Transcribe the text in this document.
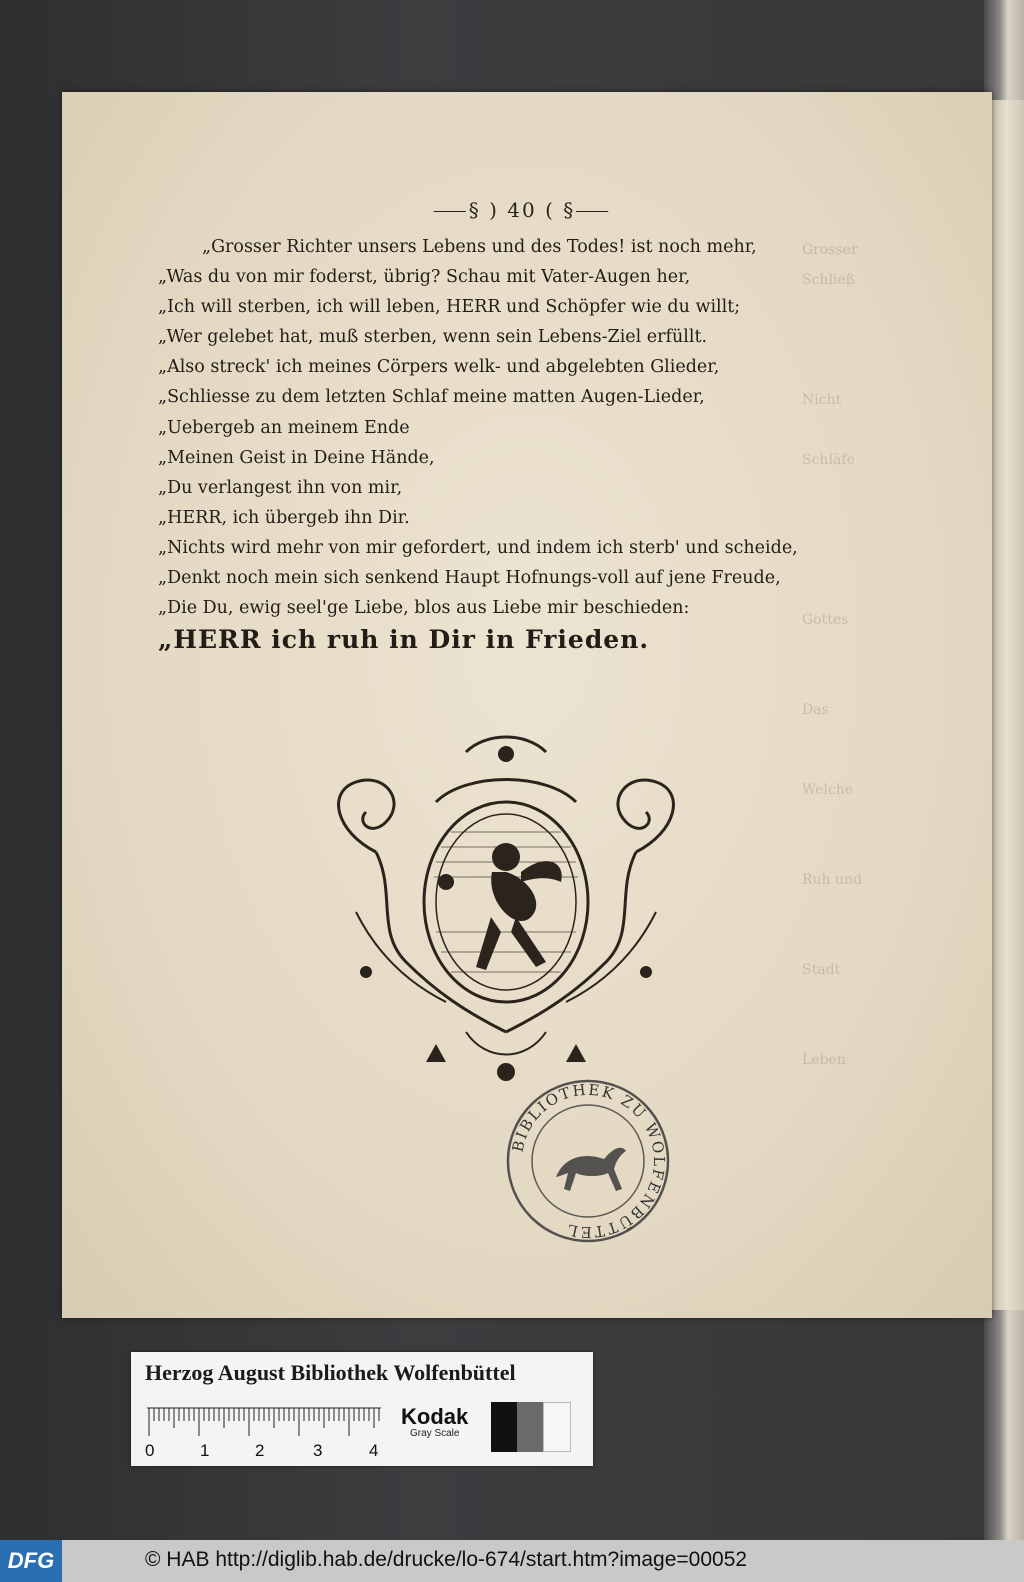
Grosser
Schließ
Nicht
Schläfe
Gottes
Das
Welche
Ruh und
Stadt
Leben
⸺§ ) 40 ( §⸺
„Grosser Richter unsers Lebens und des Todes! ist noch mehr,
„Was du von mir foderst, übrig? Schau mit Vater-Augen her,
„Ich will sterben, ich will leben, HERR und Schöpfer wie du willt;
„Wer gelebet hat, muß sterben, wenn sein Lebens-Ziel erfüllt.
„Also streck' ich meines Cörpers welk- und abgelebten Glieder,
„Schliesse zu dem letzten Schlaf meine matten Augen-Lieder,
„Uebergeb an meinem Ende
„Meinen Geist in Deine Hände,
„Du verlangest ihn von mir,
„HERR, ich übergeb ihn Dir.
„Nichts wird mehr von mir gefordert, und indem ich sterb' und scheide,
„Denkt noch mein sich senkend Haupt Hofnungs-voll auf jene Freude,
„Die Du, ewig seel'ge Liebe, blos aus Liebe mir beschieden:
„HERR ich ruh in Dir in Frieden.
BIBLIOTHEK ZU WOLFENBÜTTEL
Herzog August Bibliothek Wolfenbüttel
0	1	2	3	4
Kodak
Gray Scale
DFG	© HAB http://diglib.hab.de/drucke/lo-674/start.htm?image=00052
